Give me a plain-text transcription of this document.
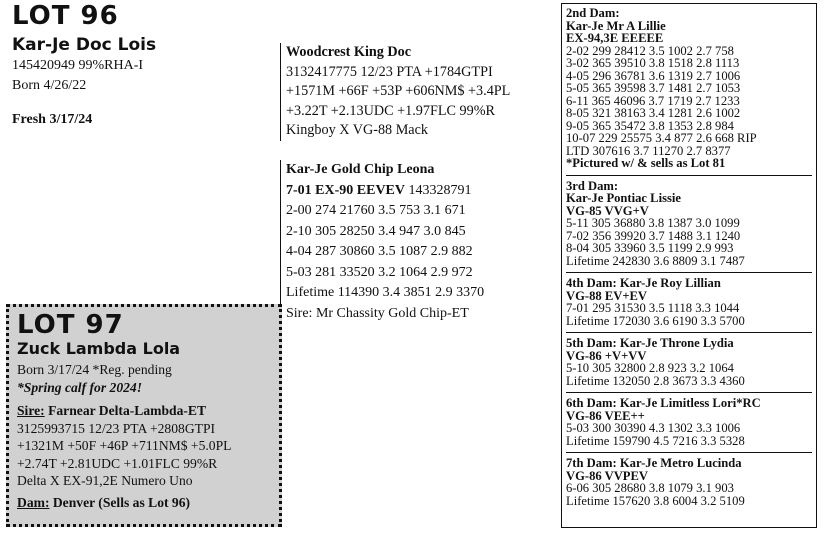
LOT 96
Kar-Je Doc Lois
145420949 99%RHA-I
Born 4/26/22
Fresh 3/17/24
Woodcrest King Doc
3132417775 12/23 PTA +1784GTPI
+1571M +66F +53P +606NM$ +3.4PL
+3.22T +2.13UDC +1.97FLC 99%R
Kingboy X VG-88 Mack
Kar-Je Gold Chip Leona
7-01 EX-90 EEVEV 143328791
2-00 274 21760 3.5 753 3.1 671
2-10 305 28250 3.4 947 3.0 845
4-04 287 30860 3.5 1087 2.9 882
5-03 281 33520 3.2 1064 2.9 972
Lifetime 114390 3.4 3851 2.9 3370
Sire: Mr Chassity Gold Chip-ET
LOT 97
Zuck Lambda Lola
Born 3/17/24 *Reg. pending
*Spring calf for 2024!
Sire: Farnear Delta-Lambda-ET
3125993715 12/23 PTA +2808GTPI
+1321M +50F +46P +711NM$ +5.0PL
+2.74T +2.81UDC +1.01FLC 99%R
Delta X EX-91,2E Numero Uno
Dam: Denver (Sells as Lot 96)
2nd Dam:
Kar-Je Mr A Lillie
EX-94,3E EEEEE
2-02 299 28412 3.5 1002 2.7 758
3-02 365 39510 3.8 1518 2.8 1113
4-05 296 36781 3.6 1319 2.7 1006
5-05 365 39598 3.7 1481 2.7 1053
6-11 365 46096 3.7 1719 2.7 1233
8-05 321 38163 3.4 1281 2.6 1002
9-05 365 35472 3.8 1353 2.8 984
10-07 229 25575 3.4 877 2.6 668 RIP
LTD 307616 3.7 11270 2.7 8377
*Pictured w/ & sells as Lot 81
3rd Dam:
Kar-Je Pontiac Lissie
VG-85 VVG+V
5-11 305 36880 3.8 1387 3.0 1099
7-02 356 39920 3.7 1488 3.1 1240
8-04 305 33960 3.5 1199 2.9 993
Lifetime 242830 3.6 8809 3.1 7487
4th Dam: Kar-Je Roy Lillian
VG-88 EV+EV
7-01 295 31530 3.5 1118 3.3 1044
Lifetime 172030 3.6 6190 3.3 5700
5th Dam: Kar-Je Throne Lydia
VG-86 +V+VV
5-10 305 32800 2.8 923 3.2 1064
Lifetime 132050 2.8 3673 3.3 4360
6th Dam: Kar-Je Limitless Lori*RC
VG-86 VEE++
5-03 300 30390 4.3 1302 3.3 1006
Lifetime 159790 4.5 7216 3.3 5328
7th Dam: Kar-Je Metro Lucinda
VG-86 VVPEV
6-06 305 28680 3.8 1079 3.1 903
Lifetime 157620 3.8 6004 3.2 5109
